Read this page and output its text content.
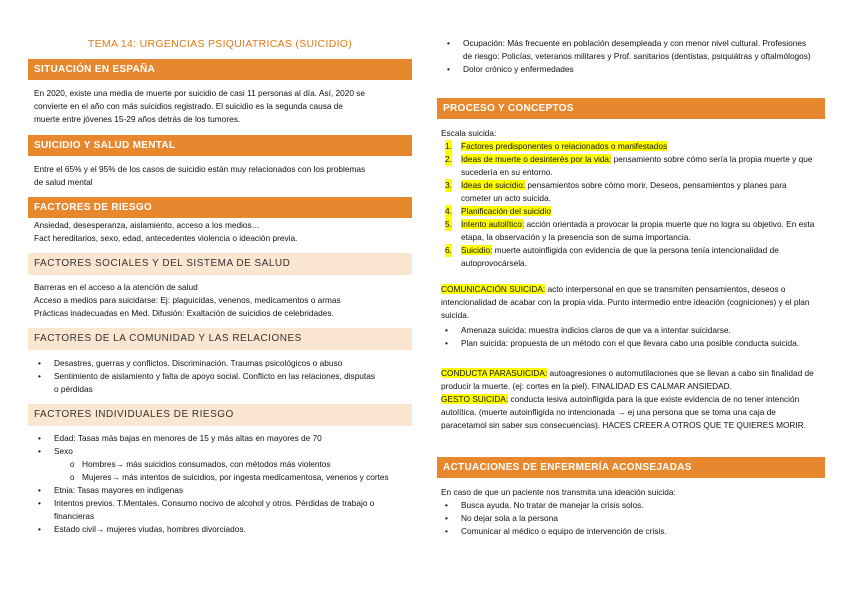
TEMA 14: URGENCIAS PSIQUIATRICAS (SUICIDIO)
SITUACIÓN EN ESPAÑA
En 2020, existe una media de muerte por suicidio de casi 11 personas al día. Así, 2020 se
convierte en el año con más suicidios registrado. El suicidio es la segunda causa de
muerte entre jóvenes 15-29 años detrás de los tumores.
SUICIDIO Y SALUD MENTAL
Entre el 65% y el 95% de los casos de suicidio están muy relacionados con los problemas
de salud mental
FACTORES DE RIESGO
Ansiedad, desesperanza, aislamiento, acceso a los medios…
Fact hereditarios, sexo, edad, antecedentes violencia o ideación previa.
FACTORES SOCIALES Y DEL SISTEMA DE SALUD
Barreras en el acceso a la atención de salud
Acceso a medios para suicidarse: Ej: plaguicidas, venenos, medicamentos o armas
Prácticas inadecuadas en Med. Difusión: Exaltación de suicidios de celebridades.
FACTORES DE LA COMUNIDAD Y LAS RELACIONES
• Desastres, guerras y conflictos. Discriminación. Traumas psicológicos o abuso
• Sentimiento de aislamiento y falta de apoyo social. Conflicto en las relaciones, disputas o pérdidas
FACTORES INDIVIDUALES DE RIESGO
• Edad: Tasas más bajas en menores de 15 y más altas en mayores de 70
• Sexo
o Hombres→ más suicidios consumados, con métodos más violentos
o Mujeres→ más intentos de suicidios, por ingesta medicamentosa, venenos y cortes
• Etnia: Tasas mayores en indígenas
• Intentos previos. T.Mentales. Consumo nocivo de alcohol y otros. Pérdidas de trabajo o financieras
• Estado civil→ mujeres viudas, hombres divorciados.
• Ocupación: Más frecuente en población desempleada y con menor nivel cultural. Profesiones de riesgo: Policías, veteranos militares y Prof. sanitarios (dentistas, psiquiátras y oftalmólogos)
• Dolor crónico y enfermedades
PROCESO Y CONCEPTOS
Escala suicida:
1. Factores predisponentes o relacionados o manifestados
2. Ideas de muerte o desinterés por la vida: pensamiento sobre cómo sería la propia muerte y que sucedería en su entorno.
3. Ideas de suicidio: pensamientos sobre cómo morir. Deseos, pensamientos y planes para cometer un acto suicida.
4. Planificación del suicidio
5. Intento autolítico: acción orientada a provocar la propia muerte que no logra su objetivo. En esta etapa, la observación y la presencia son de suma importancia.
6. Suicidio: muerte autoinfligida con evidencia de que la persona tenía intencionalidad de autoprovocársela.
COMUNICACIÓN SUICIDA: acto interpersonal en que se transmiten pensamientos, deseos o intencionalidad de acabar con la propia vida. Punto intermedio entre ideación (cogniciones) y el plan suicida.
• Amenaza suicida: muestra indicios claros de que va a intentar suicidarse.
• Plan suicida: propuesta de un método con el que llevara cabo una posible conducta suicida.
CONDUCTA PARASUICIDA: autoagresiones o automutilaciones que se llevan a cabo sin finalidad de producir la muerte. (ej: cortes en la piel). FINALIDAD ES CALMAR ANSIEDAD.
GESTO SUICIDA: conducta lesiva autoinfligida para la que existe evidencia de no tener intención autolítica. (muerte autoinfligida no intencionada → ej una persona que se toma una caja de paracetamol sin saber sus consecuencias). HACES CREER A OTROS QUE TE QUIERES MORIR.
ACTUACIONES DE ENFERMERÍA ACONSEJADAS
En caso de que un paciente nos transmita una ideación suicida:
• Busca ayuda. No tratar de manejar la crisis solos.
• No dejar sola a la persona
• Comunicar al médico o equipo de intervención de crisis.
